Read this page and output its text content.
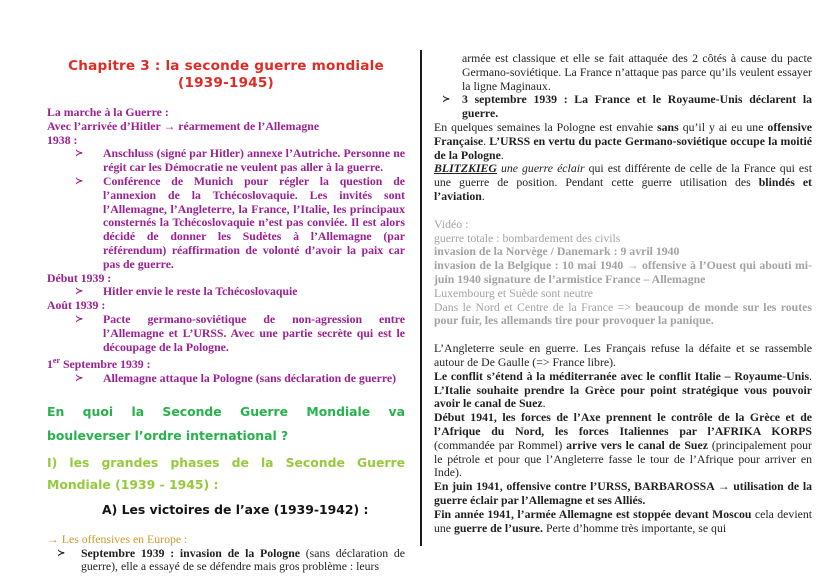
Chapitre 3 : la seconde guerre mondiale (1939-1945)
La marche à la Guerre :
Avec l’arrivée d’Hitler → réarmement de l’Allemagne
1938 :
≻ Anschluss (signé par Hitler) annexe l’Autriche. Personne ne régit car les Démocratie ne veulent pas aller à la guerre.
≻ Conférence de Munich pour régler la question de l’annexion de la Tchécoslovaquie. Les invités sont l’Allemagne, l’Angleterre, la France, l’Italie, les principaux consternés la Tchécoslovaquie n’est pas conviée. Il est alors décidé de donner les Sudètes à l’Allemagne (par référendum) réaffirmation de volonté d’avoir la paix car pas de guerre.
Début 1939 :
≻ Hitler envie le reste la Tchécoslovaquie
Août 1939 :
≻ Pacte germano-soviétique de non-agression entre l’Allemagne et L’URSS. Avec une partie secrète qui est le découpage de la Pologne.
1er Septembre 1939 :
≻ Allemagne attaque la Pologne (sans déclaration de guerre)
En quoi la Seconde Guerre Mondiale va bouleverser l’ordre international ?
I) les grandes phases de la Seconde Guerre Mondiale (1939 - 1945) :
A) Les victoires de l’axe (1939-1942) :
→ Les offensives en Europe :
≻ Septembre 1939 : invasion de la Pologne (sans déclaration de guerre), elle a essayé de se défendre mais gros problème : leurs
armée est classique et elle se fait attaquée des 2 côtés à cause du pacte Germano-soviétique. La France n’attaque pas parce qu’ils veulent essayer la ligne Maginaux.
≻ 3 septembre 1939 : La France et le Royaume-Unis déclarent la guerre.
En quelques semaines la Pologne est envahie sans qu’il y ai eu une offensive Française. L’URSS en vertu du pacte Germano-soviétique occupe la moitié de la Pologne.
BLITZKIEG une guerre éclair qui est différente de celle de la France qui est une guerre de position. Pendant cette guerre utilisation des blindés et l’aviation.
Vidéo :
guerre totale : bombardement des civils
invasion de la Norvège / Danemark : 9 avril 1940
invasion de la Belgique : 10 mai 1940 → offensive à l’Ouest qui abouti mi-juin 1940 signature de l’armistice France – Allemagne
Luxembourg et Suède sont neutre
Dans le Nord et Centre de la France => beaucoup de monde sur les routes pour fuir, les allemands tire pour provoquer la panique.
L’Angleterre seule en guerre. Les Français refuse la défaite et se rassemble autour de De Gaulle (=> France libre).
Le conflit s’étend à la méditerranée avec le conflit Italie – Royaume-Unis. L’Italie souhaite prendre la Grèce pour point stratégique vous pouvoir avoir le canal de Suez.
Début 1941, les forces de l’Axe prennent le contrôle de la Grèce et de l’Afrique du Nord, les forces Italiennes par l’AFRIKA KORPS (commandée par Rommel) arrive vers le canal de Suez (principalement pour le pétrole et pour que l’Angleterre fasse le tour de l’Afrique pour arriver en Inde).
En juin 1941, offensive contre l’URSS, BARBAROSSA → utilisation de la guerre éclair par l’Allemagne et ses Alliés.
Fin année 1941, l’armée Allemagne est stoppée devant Moscou cela devient une guerre de l’usure. Perte d’homme très importante, se qui
